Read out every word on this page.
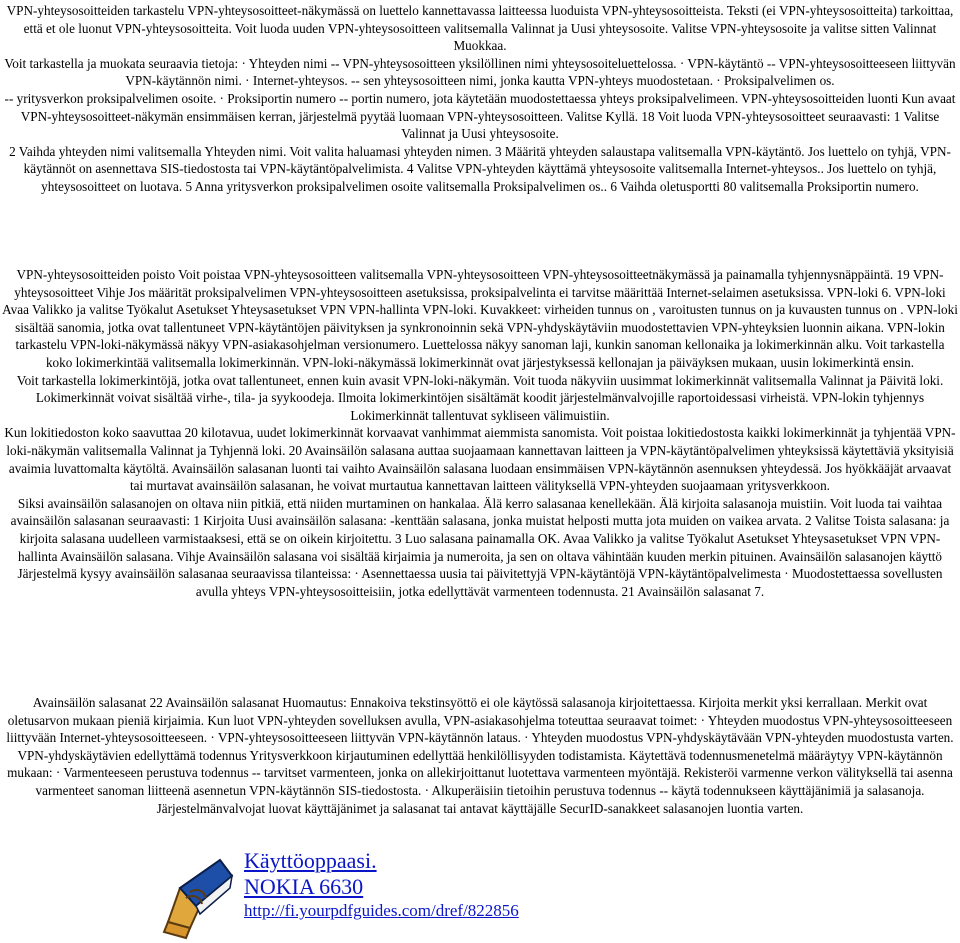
VPN-yhteysosoitteiden tarkastelu VPN-yhteysosoitteet-näkymässä on luettelo kannettavassa laitteessa luoduista VPN-yhteysosoitteista. Teksti (ei VPN-yhteysosoitteita) tarkoittaa, että et ole luonut VPN-yhteysosoitteita. Voit luoda uuden VPN-yhteysosoitteen valitsemalla Valinnat ja Uusi yhteysosoite. Valitse VPN-yhteysosoite ja valitse sitten Valinnat Muokkaa.

Voit tarkastella ja muokata seuraavia tietoja: · Yhteyden nimi -- VPN-yhteysosoitteen yksilöllinen nimi yhteysosoiteluettelossa. · VPN-käytäntö -- VPN-yhteysosoitteeseen liittyvän VPN-käytännön nimi. · Internet-yhteysos. -- sen yhteysosoitteen nimi, jonka kautta VPN-yhteys muodostetaan. · Proksipalvelimen os.

-- yritysverkon proksipalvelimen osoite. · Proksiportin numero -- portin numero, jota käytetään muodostettaessa yhteys proksipalvelimeen. VPN-yhteysosoitteiden luonti Kun avaat VPN-yhteysosoitteet-näkymän ensimmäisen kerran, järjestelmä pyytää luomaan VPN-yhteysosoitteen. Valitse Kyllä. 18 Voit luoda VPN-yhteysosoitteet seuraavasti: 1 Valitse Valinnat ja Uusi yhteysosoite.

2 Vaihda yhteyden nimi valitsemalla Yhteyden nimi. Voit valita haluamasi yhteyden nimen. 3 Määritä yhteyden salaustapa valitsemalla VPN-käytäntö. Jos luettelo on tyhjä, VPN-käytännöt on asennettava SIS-tiedostosta tai VPN-käytäntöpalvelimista. 4 Valitse VPN-yhteyden käyttämä yhteysosoite valitsemalla Internet-yhteysos.. Jos luettelo on tyhjä, yhteysosoitteet on luotava. 5 Anna yritysverkon proksipalvelimen osoite valitsemalla Proksipalvelimen os.. 6 Vaihda oletusportti 80 valitsemalla Proksiportin numero.

VPN-yhteysosoitteiden poisto Voit poistaa VPN-yhteysosoitteen valitsemalla VPN-yhteysosoitteen VPN-yhteysosoitteetnäkymässä ja painamalla tyhjennysnäppäintä. 19 VPN-yhteysosoitteet Vihje Jos määrität proksipalvelimen VPN-yhteysosoitteen asetuksissa, proksipalvelinta ei tarvitse määrittää Internet-selaimen asetuksissa. VPN-loki 6. VPN-loki Avaa Valikko ja valitse Työkalut Asetukset Yhteysasetukset VPN VPN-hallinta VPN-loki. Kuvakkeet: virheiden tunnus on , varoitusten tunnus on ja kuvausten tunnus on . VPN-loki sisältää sanomia, jotka ovat tallentuneet VPN-käytäntöjen päivityksen ja synkronoinnin sekä VPN-yhdyskäytäviin muodostettavien VPN-yhteyksien luonnin aikana. VPN-lokin tarkastelu VPN-loki-näkymässä näkyy VPN-asiakasohjelman versionumero. Luettelossa näkyy sanoman laji, kunkin sanoman kellonaika ja lokimerkinnän alku. Voit tarkastella koko lokimerkintää valitsemalla lokimerkinnän. VPN-loki-näkymässä lokimerkinnät ovat järjestyksessä kellonajan ja päiväyksen mukaan, uusin lokimerkintä ensin.

Voit tarkastella lokimerkintöjä, jotka ovat tallentuneet, ennen kuin avasit VPN-loki-näkymän. Voit tuoda näkyviin uusimmat lokimerkinnät valitsemalla Valinnat ja Päivitä loki. Lokimerkinnät voivat sisältää virhe-, tila- ja syykoodeja. Ilmoita lokimerkintöjen sisältämät koodit järjestelmänvalvojille raportoidessasi virheistä. VPN-lokin tyhjennys Lokimerkinnät tallentuvat sykliseen välimuistiin.

Kun lokitiedoston koko saavuttaa 20 kilotavua, uudet lokimerkinnät korvaavat vanhimmat aiemmista sanomista. Voit poistaa lokitiedostosta kaikki lokimerkinnät ja tyhjentää VPN-loki-näkymän valitsemalla Valinnat ja Tyhjennä loki. 20 Avainsäilön salasana auttaa suojaamaan kannettavan laitteen ja VPN-käytäntöpalvelimen yhteyksissä käytettäviä yksityisiä avaimia luvattomalta käytöltä. Avainsäilön salasanan luonti tai vaihto Avainsäilön salasana luodaan ensimmäisen VPN-käytännön asennuksen yhteydessä. Jos hyökkääjät arvaavat tai murtavat avainsäilön salasanan, he voivat murtautua kannettavan laitteen välityksellä VPN-yhteyden suojaamaan yritysverkkoon.

Siksi avainsäilön salasanojen on oltava niin pitkiä, että niiden murtaminen on hankalaa. Älä kerro salasanaa kenellekään. Älä kirjoita salasanoja muistiin. Voit luoda tai vaihtaa avainsäilön salasanan seuraavasti: 1 Kirjoita Uusi avainsäilön salasana: -kenttään salasana, jonka muistat helposti mutta jota muiden on vaikea arvata. 2 Valitse Toista salasana: ja kirjoita salasana uudelleen varmistaaksesi, että se on oikein kirjoitettu. 3 Luo salasana painamalla OK. Avaa Valikko ja valitse Työkalut Asetukset Yhteysasetukset VPN VPN-hallinta Avainsäilön salasana. Vihje Avainsäilön salasana voi sisältää kirjaimia ja numeroita, ja sen on oltava vähintään kuuden merkin pituinen. Avainsäilön salasanojen käyttö Järjestelmä kysyy avainsäilön salasanaa seuraavissa tilanteissa: · Asennettaessa uusia tai päivitettyjä VPN-käytäntöjä VPN-käytäntöpalvelimesta · Muodostettaessa sovellusten avulla yhteys VPN-yhteysosoitteisiin, jotka edellyttävät varmenteen todennusta. 21 Avainsäilön salasanat 7.

Avainsäilön salasanat 22 Avainsäilön salasanat Huomautus: Ennakoiva tekstinsyöttö ei ole käytössä salasanoja kirjoitettaessa. Kirjoita merkit yksi kerrallaan. Merkit ovat oletusarvon mukaan pieniä kirjaimia. Kun luot VPN-yhteyden sovelluksen avulla, VPN-asiakasohjelma toteuttaa seuraavat toimet: · Yhteyden muodostus VPN-yhteysosoitteeseen liittyvään Internet-yhteysosoitteeseen. · VPN-yhteysosoitteeseen liittyvän VPN-käytännön lataus. · Yhteyden muodostus VPN-yhdyskäytävään VPN-yhteyden muodostusta varten. VPN-yhdyskäytävien edellyttämä todennus Yritysverkkoon kirjautuminen edellyttää henkilöllisyyden todistamista. Käytettävä todennusmenetelmä määräytyy VPN-käytännön mukaan: · Varmenteeseen perustuva todennus -- tarvitset varmenteen, jonka on allekirjoittanut luotettava varmenteen myöntäjä. Rekisteröi varmenne verkon välityksellä tai asenna varmenteet sanoman liitteenä asennetun VPN-käytännön SIS-tiedostosta. · Alkuperäisiin tietoihin perustuva todennus -- käytä todennukseen käyttäjänimiä ja salasanoja.

Järjestelmänvalvojat luovat käyttäjänimet ja salasanat tai antavat käyttäjälle SecurID-sanakkeet salasanojen luontia varten.

Käyttöoppaasi.
NOKIA 6630
http://fi.yourpdfguides.com/dref/822856
